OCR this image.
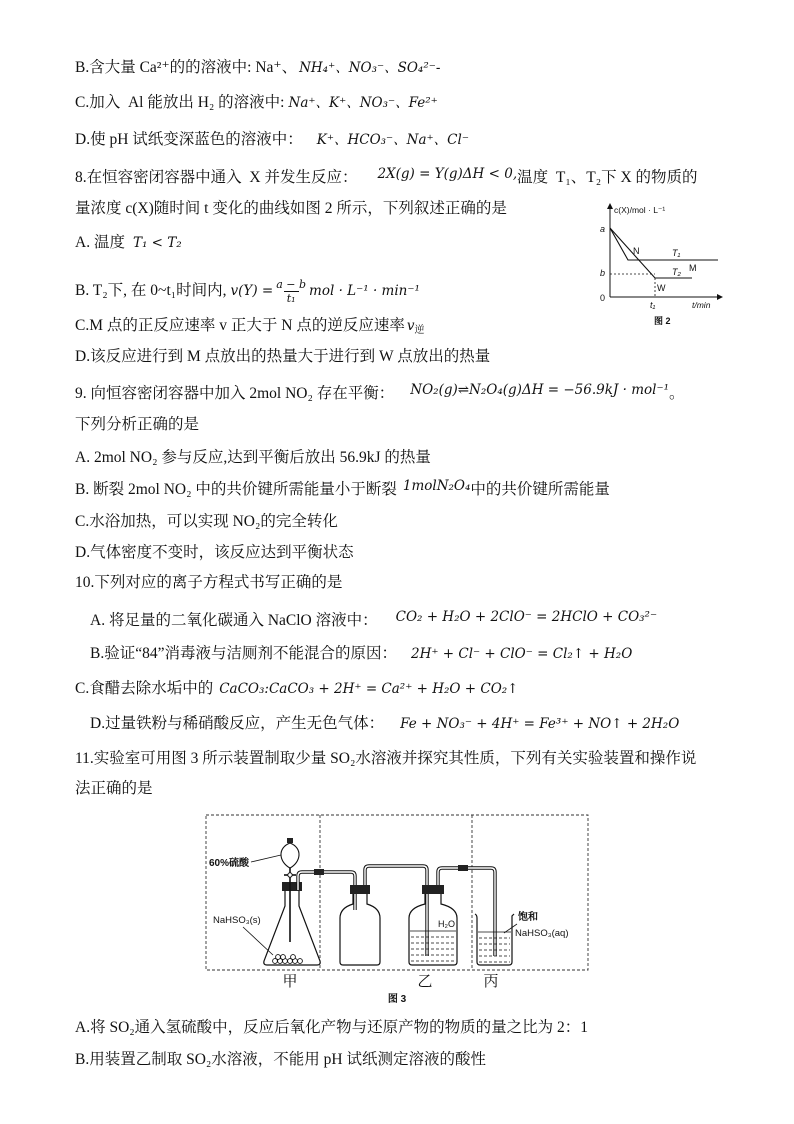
B.含大量 Ca²⁺的的溶液中: Na⁺、 NH₄⁺、NO₃⁻、SO₄²⁻-
C.加入  Al 能放出 H₂ 的溶液中: Na⁺、K⁺、NO₃⁻、Fe²⁺
D.使 pH 试纸变深蓝色的溶液中： K⁺、HCO₃⁻、Na⁺、Cl⁻
8.在恒容密闭容器中通入  X 并发生反应： 2X(g) = Y(g)ΔH < 0,温度  T₁、T₂下 X 的物质的
量浓度 c(X)随时间 t 变化的曲线如图 2 所示，下列叙述正确的是
A. 温度 T₁ < T₂
B. T₂下, 在 0~t₁时间内, $v(Y) = \frac{a - b}{\text{t₁}}$ mol · L⁻¹ · min⁻¹
C.M 点的正反应速率 v 正大于 N 点的逆反应速率 $v_逆$
D.该反应进行到 M 点放出的热量大于进行到 W 点放出的热量
c(X)/mol · L⁻¹
a
b
0
N	T₁
M
T₂
W
t₁	t/min
图 2
9. 向恒容密闭容器中加入 2mol NO₂ 存在平衡： NO₂(g)⇌N₂O₄(g)ΔH = −56.9kJ · mol⁻¹。
下列分析正确的是
A. 2mol NO₂ 参与反应,达到平衡后放出 56.9kJ 的热量
B. 断裂 2mol NO₂ 中的共价键所需能量小于断裂 1molN₂O₄中的共价键所需能量
C.水浴加热，可以实现 NO₂的完全转化
D.气体密度不变时，该反应达到平衡状态
10.下列对应的离子方程式书写正确的是
A. 将足量的二氧化碳通入 NaClO 溶液中： CO₂ + H₂O + 2ClO⁻ = 2HClO + CO₃²⁻
B.验证“84”消毒液与洁厕剂不能混合的原因： 2H⁺ + Cl⁻ + ClO⁻ = Cl₂↑ + H₂O
C.食醋去除水垢中的 CaCO₃:CaCO₃ + 2H⁺ = Ca²⁺ + H₂O + CO₂↑
D.过量铁粉与稀硝酸反应，产生无色气体： Fe + NO₃⁻ + 4H⁺ = Fe³⁺ + NO↑ + 2H₂O
11.实验室可用图 3 所示装置制取少量 SO₂水溶液并探究其性质，下列有关实验装置和操作说
法正确的是
60%硫酸
NaHSO₃(s)	H₂O
饱和
NaHSO₃(aq)
甲	乙	丙
图 3
A.将 SO₂通入氢硫酸中，反应后氧化产物与还原产物的物质的量之比为 2：1
B.用装置乙制取 SO₂水溶液，不能用 pH 试纸测定溶液的酸性
